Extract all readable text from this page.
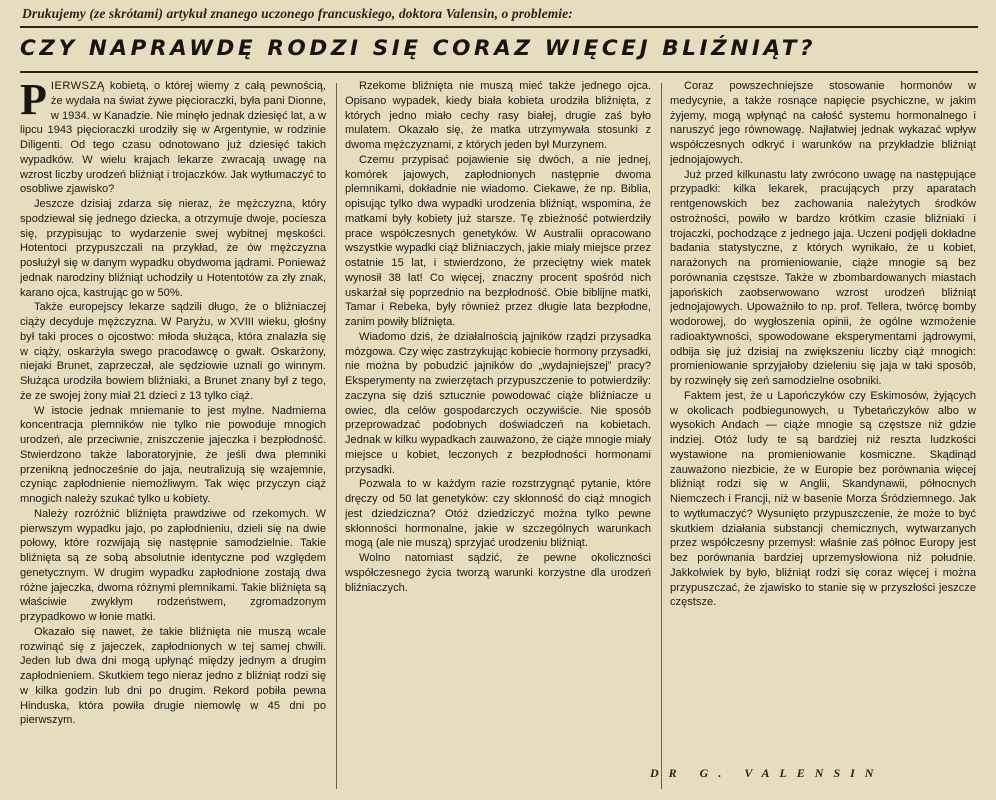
Drukujemy (ze skrótami) artykuł znanego uczonego francuskiego, doktora Valensin, o problemie:
CZY NAPRAWDĘ RODZI SIĘ CORAZ WIĘCEJ BLIŹNIĄT?

PIERWSZĄ kobietą, o której wiemy z całą pewnością, że wydała na świat żywe pięcioraczki, była pani Dionne, w 1934. w Kanadzie. Nie minęło jednak dziesięć lat, a w lipcu 1943 pięcioraczki urodziły się w Argentynie, w rodzinie Diligenti. Od tego czasu odnotowano już dziesięć takich wypadków. W wielu krajach lekarze zwracają uwagę na wzrost liczby urodzeń bliźniąt i trojaczków. Jak wytłumaczyć to osobliwe zjawisko?

Jeszcze dzisiaj zdarza się nieraz, że mężczyzna, który spodziewał się jednego dziecka, a otrzymuje dwoje, pociesza się, przypisując to wydarzenie swej wybitnej męskości. Hotentoci przypuszczali na przykład, że ów mężczyzna posłużył się w danym wypadku obydwoma jądrami. Ponieważ jednak narodziny bliźniąt uchodziły u Hotentotów za zły znak, karano ojca, kastrując go w 50%.

Także europejscy lekarze sądzili długo, że o bliźniaczej ciąży decyduje mężczyzna. W Paryżu, w XVIII wieku, głośny był taki proces o ojcostwo: młoda służąca, która znalazła się w ciąży, oskarżyła swego pracodawcę o gwałt. Oskarżony, niejaki Brunet, zaprzeczał, ale sędziowie uznali go winnym. Służąca urodziła bowiem bliźniaki, a Brunet znany był z tego, że ze swojej żony miał 21 dzieci z 13 tylko ciąż.

W istocie jednak mniemanie to jest mylne. Nadmierna koncentracja plemników nie tylko nie powoduje mnogich urodzeń, ale przeciwnie, zniszczenie jajeczka i bezpłodność. Stwierdzono także laboratoryjnie, że jeśli dwa plemniki przenikną jednocześnie do jaja, neutralizują się wzajemnie, czyniąc zapłodnienie niemożliwym. Tak więc przyczyn ciąż mnogich należy szukać tylko u kobiety.

Należy rozróżnić bliźnięta prawdziwe od rzekomych. W pierwszym wypadku jajo, po zapłodnieniu, dzieli się na dwie połowy, które rozwijają się następnie samodzielnie. Takie bliźnięta są ze sobą absolutnie identyczne pod względem genetycznym. W drugim wypadku zapłodnione zostają dwa różne jajeczka, dwoma różnymi plemnikami. Takie bliźnięta są właściwie zwykłym rodzeństwem, zgromadzonym przypadkowo w łonie matki.

Okazało się nawet, że takie bliźnięta nie muszą wcale rozwinąć się z jajeczek, zapłodnionych w tej samej chwili. Jeden lub dwa dni mogą upłynąć między jednym a drugim zapłodnieniem. Skutkiem tego nieraz jedno z bliźniąt rodzi się w kilka godzin lub dni po drugim. Rekord pobiła pewna Hinduska, która powiła drugie niemowlę w 45 dni po pierwszym.

Rzekome bliźnięta nie muszą mieć także jednego ojca. Opisano wypadek, kiedy biała kobieta urodziła bliźnięta, z których jedno miało cechy rasy białej, drugie zaś było mulatem. Okazało się, że matka utrzymywała stosunki z dwoma mężczyznami, z których jeden był Murzynem.

Czemu przypisać pojawienie się dwóch, a nie jednej, komórek jajowych, zapłodnionych następnie dwoma plemnikami, dokładnie nie wiadomo. Ciekawe, że np. Biblia, opisując tylko dwa wypadki urodzenia bliźniąt, wspomina, że matkami były kobiety już starsze. Tę zbieżność potwierdziły prace współczesnych genetyków. W Australii opracowano wszystkie wypadki ciąż bliźniaczych, jakie miały miejsce przez ostatnie 15 lat, i stwierdzono, że przeciętny wiek matek wynosił 38 lat! Co więcej, znaczny procent spośród nich uskarżał się poprzednio na bezpłodność. Obie biblijne matki, Tamar i Rebeka, były również przez długie lata bezpłodne, zanim powiły bliźnięta.

Wiadomo dziś, że działalnością jajników rządzi przysadka mózgowa. Czy więc zastrzykując kobiecie hormony przysadki, nie można by pobudzić jajników do „wydajniejszej” pracy? Eksperymenty na zwierzętach przypuszczenie to potwierdziły: zaczyna się dziś sztucznie powodować ciąże bliźniacze u owiec, dla celów gospodarczych oczywiście. Nie sposób przeprowadzać podobnych doświadczeń na kobietach. Jednak w kilku wypadkach zauważono, że ciąże mnogie miały miejsce u kobiet, leczonych z bezpłodności hormonami przysadki.

Pozwala to w każdym razie rozstrzygnąć pytanie, które dręczy od 50 lat genetyków: czy skłonność do ciąż mnogich jest dziedziczna? Otóż dziedziczyć można tylko pewne skłonności hormonalne, jakie w szczególnych warunkach mogą (ale nie muszą) sprzyjać urodzeniu bliźniąt.

Wolno natomiast sądzić, że pewne okoliczności współczesnego życia tworzą warunki korzystne dla urodzeń bliźniaczych.

Coraz powszechniejsze stosowanie hormonów w medycynie, a także rosnące napięcie psychiczne, w jakim żyjemy, mogą wpłynąć na całość systemu hormonalnego i naruszyć jego równowagę. Najłatwiej jednak wykazać wpływ współczesnych odkryć i warunków na przykładzie bliźniąt jednojajowych.

Już przed kilkunastu laty zwrócono uwagę na następujące przypadki: kilka lekarek, pracujących przy aparatach rentgenowskich bez zachowania należytych środków ostrożności, powiło w bardzo krótkim czasie bliźniaki i trojaczki, pochodzące z jednego jaja. Uczeni podjęli dokładne badania statystyczne, z których wynikało, że u kobiet, narażonych na promieniowanie, ciąże mnogie są bez porównania częstsze. Także w zbombardowanych miastach japońskich zaobserwowano wzrost urodzeń bliźniąt jednojajowych. Upoważniło to np. prof. Tellera, twórcę bomby wodorowej, do wygłoszenia opinii, że ogólne wzmożenie radioaktywności, spowodowane eksperymentami jądrowymi, odbija się już dzisiaj na zwiększeniu liczby ciąż mnogich: promieniowanie sprzyjałoby dzieleniu się jaja w taki sposób, by rozwinęły się zeń samodzielne osobniki.

Faktem jest, że u Lapończyków czy Eskimosów, żyjących w okolicach podbiegunowych, u Tybetańczyków albo w wysokich Andach — ciąże mnogie są częstsze niż gdzie indziej. Otóż ludy te są bardziej niż reszta ludzkości wystawione na promieniowanie kosmiczne. Skądinąd zauważono niezbicie, że w Europie bez porównania więcej bliźniąt rodzi się w Anglii, Skandynawii, północnych Niemczech i Francji, niż w basenie Morza Śródziemnego. Jak to wytłumaczyć? Wysunięto przypuszczenie, że może to być skutkiem działania substancji chemicznych, wytwarzanych przez współczesny przemysł: właśnie zaś północ Europy jest bez porównania bardziej uprzemysłowiona niż południe. Jakkolwiek by było, bliźniąt rodzi się coraz więcej i można przypuszczać, że zjawisko to stanie się w przyszłości jeszcze częstsze.

DR G. VALENSIN
